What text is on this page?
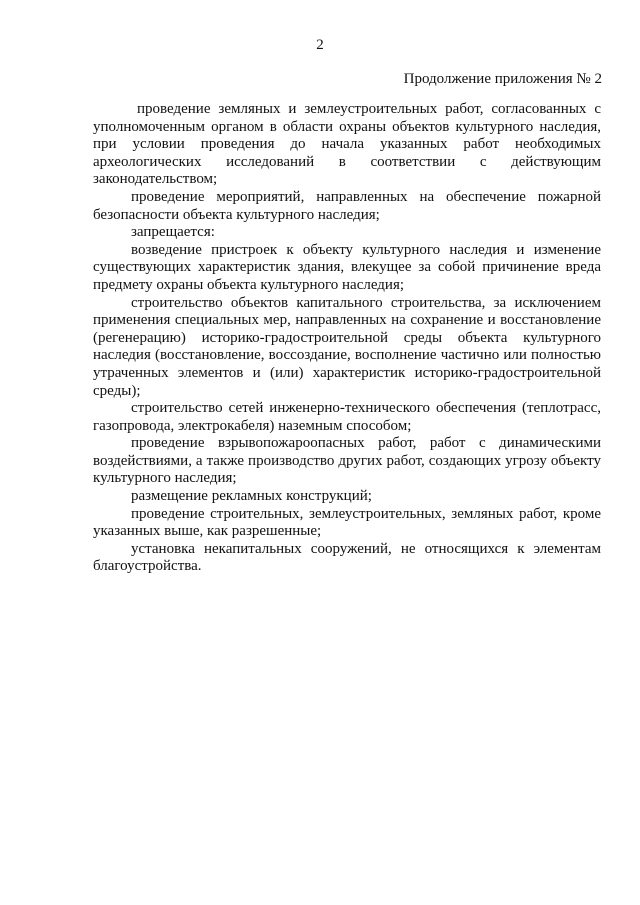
2
Продолжение приложения № 2

проведение земляных и землеустроительных работ, согласованных с уполномоченным органом в области охраны объектов культурного наследия, при условии проведения до начала указанных работ необходимых археологических исследований в соответствии с действующим законодательством;

проведение мероприятий, направленных на обеспечение пожарной безопасности объекта культурного наследия;

запрещается:

возведение пристроек к объекту культурного наследия и изменение существующих характеристик здания, влекущее за собой причинение вреда предмету охраны объекта культурного наследия;

строительство объектов капитального строительства, за исключением применения специальных мер, направленных на сохранение и восстановление (регенерацию) историко-градостроительной среды объекта культурного наследия (восстановление, воссоздание, восполнение частично или полностью утраченных элементов и (или) характеристик историко-градостроительной среды);

строительство сетей инженерно-технического обеспечения (теплотрасс, газопровода, электрокабеля) наземным способом;

проведение взрывопожароопасных работ, работ с динамическими воздействиями, а также производство других работ, создающих угрозу объекту культурного наследия;

размещение рекламных конструкций;

проведение строительных, землеустроительных, земляных работ, кроме указанных выше, как разрешенные;

установка некапитальных сооружений, не относящихся к элементам благоустройства.
